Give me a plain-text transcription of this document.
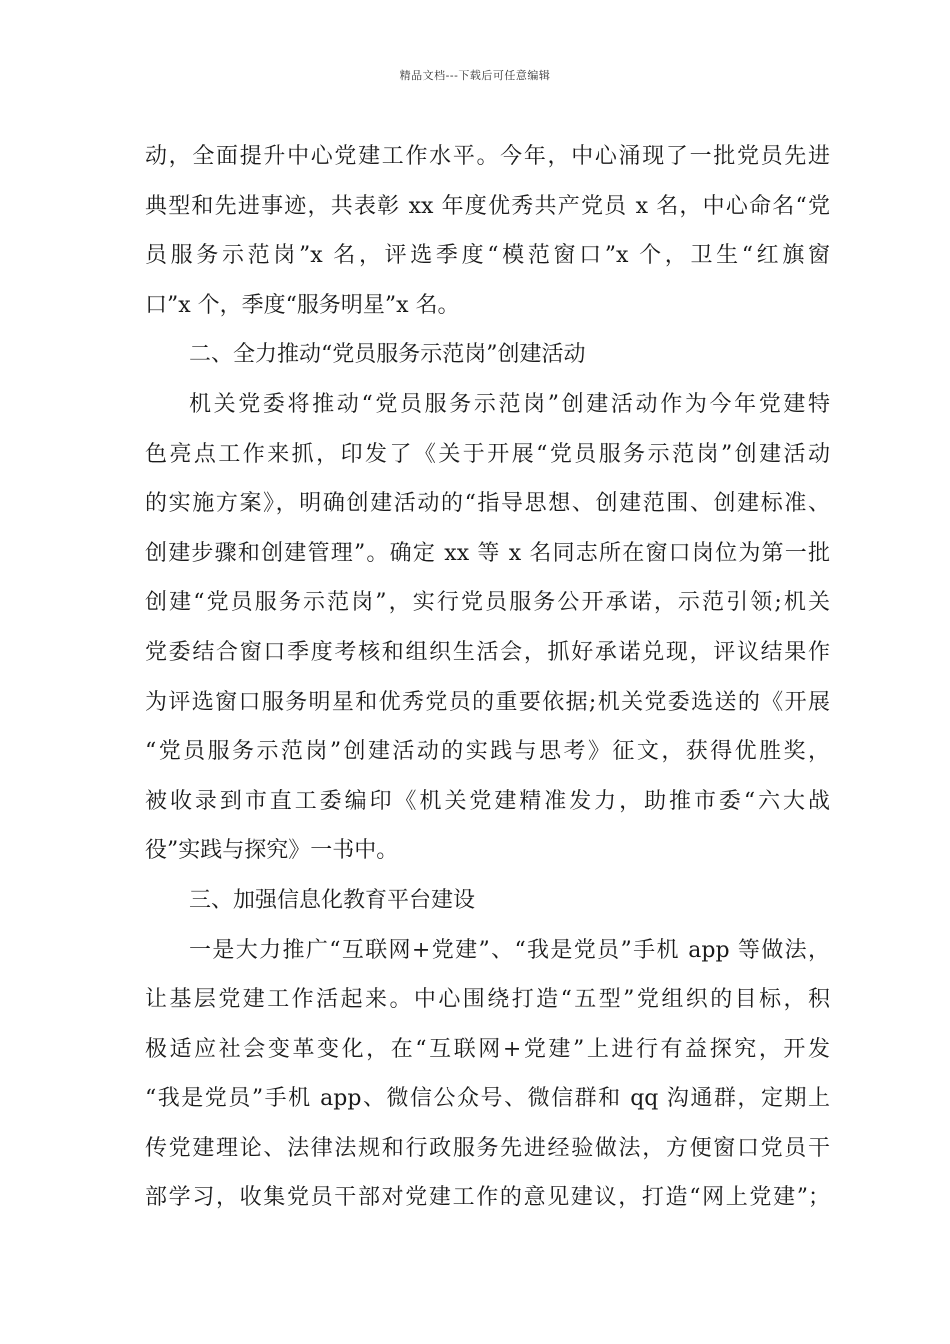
精品文档---下载后可任意编辑
动，全面提升中心党建工作水平。今年，中心涌现了一批党员先进
典型和先进事迹，共表彰 xx 年度优秀共产党员 x 名，中心命名“党
员服务示范岗”x 名，评选季度“模范窗口”x 个，卫生“红旗窗
口”x 个，季度“服务明星”x 名。
二、全力推动“党员服务示范岗”创建活动
机关党委将推动“党员服务示范岗”创建活动作为今年党建特
色亮点工作来抓，印发了《关于开展“党员服务示范岗”创建活动
的实施方案》，明确创建活动的“指导思想、创建范围、创建标准、
创建步骤和创建管理”。确定 xx 等 x 名同志所在窗口岗位为第一批
创建“党员服务示范岗”，实行党员服务公开承诺，示范引领;机关
党委结合窗口季度考核和组织生活会，抓好承诺兑现，评议结果作
为评选窗口服务明星和优秀党员的重要依据;机关党委选送的《开展
“党员服务示范岗”创建活动的实践与思考》征文，获得优胜奖，
被收录到市直工委编印《机关党建精准发力，助推市委“六大战
役”实践与探究》一书中。
三、加强信息化教育平台建设
一是大力推广“互联网+党建”、“我是党员”手机 app 等做法，
让基层党建工作活起来。中心围绕打造“五型”党组织的目标，积
极适应社会变革变化，在“互联网+党建”上进行有益探究，开发
“我是党员”手机 app、微信公众号、微信群和 qq 沟通群，定期上
传党建理论、法律法规和行政服务先进经验做法，方便窗口党员干
部学习，收集党员干部对党建工作的意见建议，打造“网上党建”；
